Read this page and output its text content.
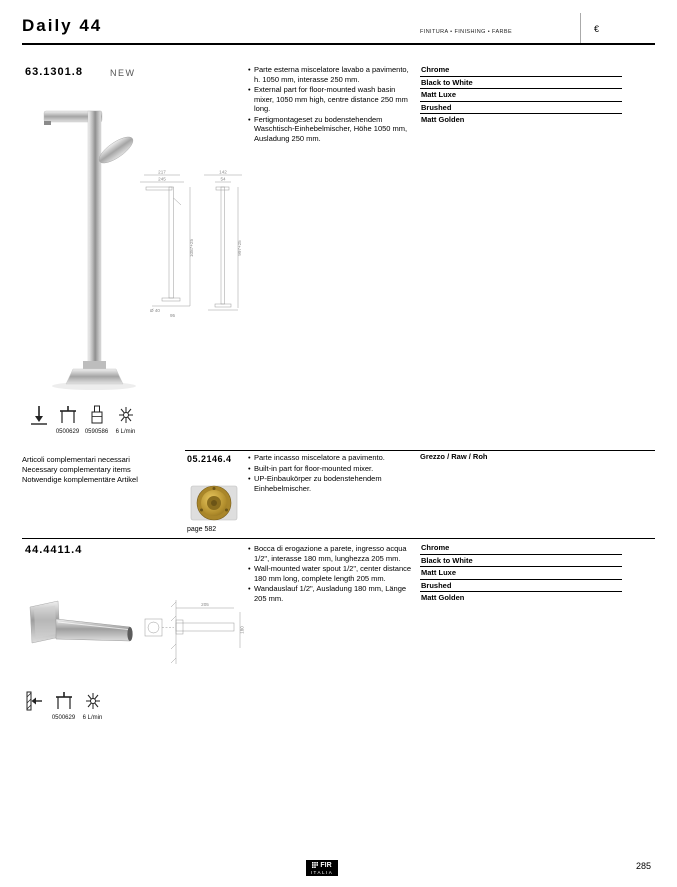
Daily 44	FINITURA • FINISHING • FARBE	€
63.1301.8	NEW
217
245
1087+25
Ø 40
95
142
54
997+25
•
Parte esterna miscelatore lavabo a pavimento, h. 1050 mm, interasse 250 mm.
•
External part for floor-mounted wash basin mixer, 1050 mm high, centre distance 250 mm long.
•
Fertigmontageset zu bodenstehendem Waschtisch-Einhebelmischer, Höhe 1050 mm, Ausladung 250 mm.
Chrome
Black to White
Matt Luxe
Brushed
Matt Golden
0500629 0590586 6 L/min
Articoli complementari necessari
Necessary complementary items
Notwendige komplementäre Artikel
05.2146.4 •	Parte incasso miscelatore a pavimento.
•
Built-in part for floor-mounted mixer.
•
UP-Einbaukörper zu bodenstehendem Einhebelmischer.
Grezzo / Raw / Roh
page 582
44.4411.4 •	Bocca di erogazione a parete, ingresso acqua 1/2", interasse 180 mm, lunghezza 205 mm.
•
Wall-mounted water spout 1/2", center distance 180 mm long, complete length 205 mm.
•
Wandauslauf 1/2", Ausladung 180 mm, Länge 205 mm.
Chrome
Black to White
Matt Luxe
Brushed
Matt Golden
205
180
0500629 6 L/min
FIR
ITALIA
285
